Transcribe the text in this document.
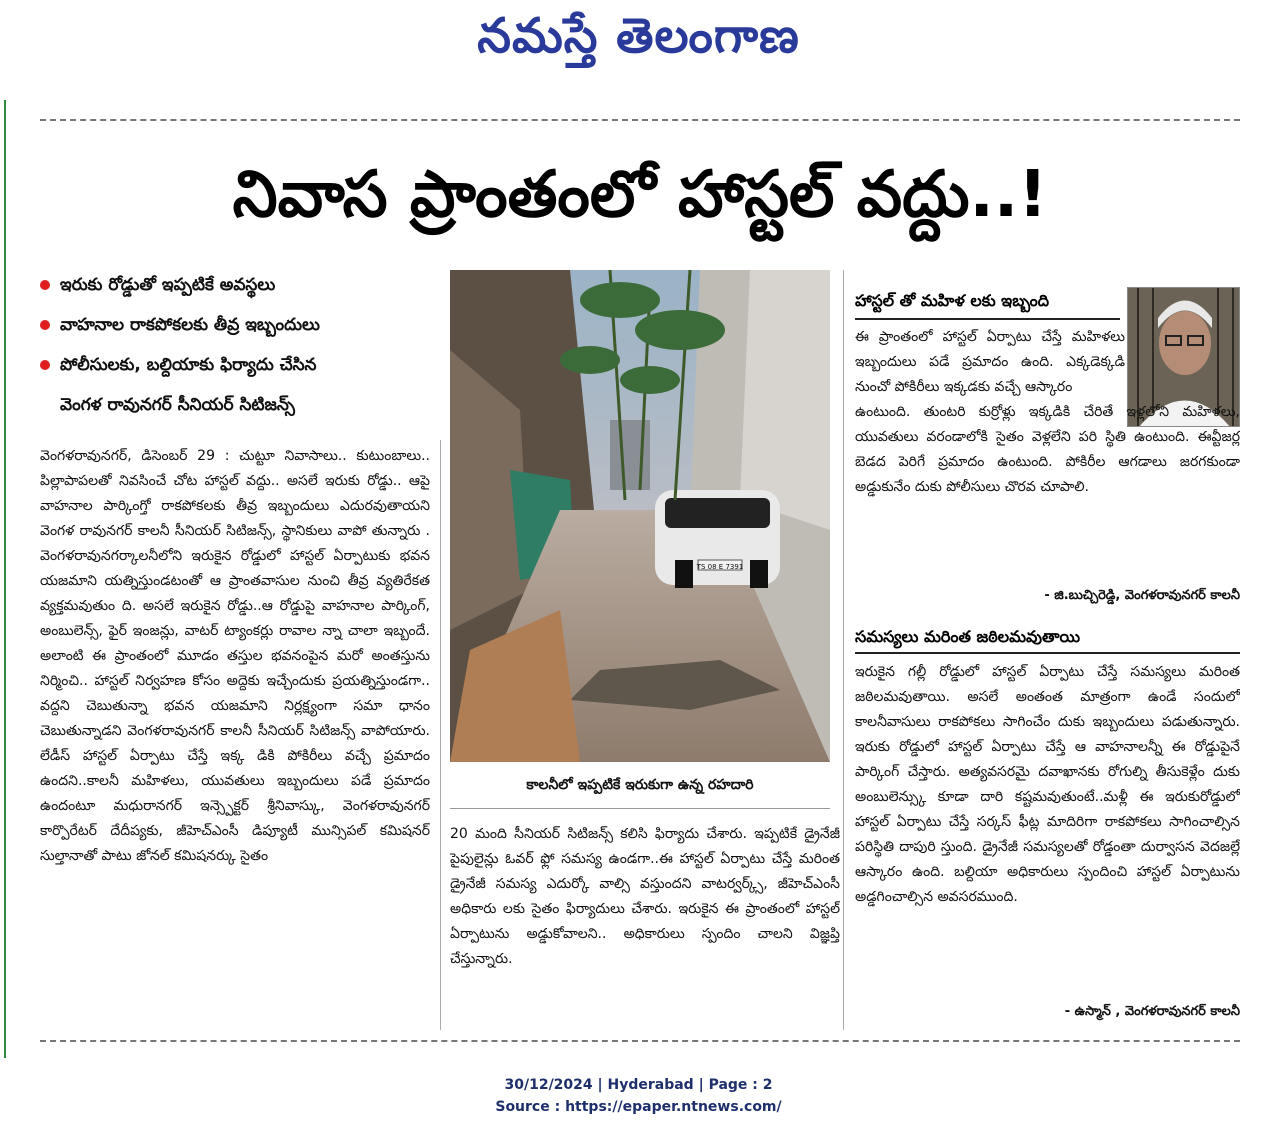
నమస్తే తెలంగాణ
నివాస ప్రాంతంలో హాస్టల్ వద్దు..!
ఇరుకు రోడ్డుతో ఇప్పటికే అవస్థలు
వాహనాల రాకపోకలకు తీవ్ర ఇబ్బందులు
పోలీసులకు, బల్దియాకు ఫిర్యాదు చేసిన
వెంగళ రావునగర్ సీనియర్ సిటిజన్స్
వెంగళరావునగర్, డిసెంబర్ 29 : చుట్టూ నివాసాలు.. కుటుంబాలు.. పిల్లాపాపలతో నివసించే చోట హాస్టల్ వద్దు.. అసలే ఇరుకు రోడ్డు.. ఆపై వాహనాల పార్కింగ్తో రాకపోకలకు తీవ్ర ఇబ్బందులు ఎదురవుతాయని వెంగళ రావునగర్ కాలనీ సీనియర్ సిటిజన్స్, స్థానికులు వాపో తున్నారు . వెంగళరావునగర్కాలనీలోని ఇరుకైన రోడ్డులో హాస్టల్ ఏర్పాటుకు భవన యజమాని యత్నిస్తుండటంతో ఆ ప్రాంతవాసుల నుంచి తీవ్ర వ్యతిరేకత వ్యక్తమవుతుం ది. అసలే ఇరుకైన రోడ్డు..ఆ రోడ్డుపై వాహనాల పార్కింగ్, అంబులెన్స్, ఫైర్ ఇంజన్లు, వాటర్ ట్యాంకర్లు రావాల న్నా చాలా ఇబ్బందే. అలాంటి ఈ ప్రాంతంలో మూడం తస్తుల భవనంపైన మరో అంతస్తును నిర్మించి.. హాస్టల్ నిర్వహణ కోసం అద్దెకు ఇచ్చేందుకు ప్రయత్నిస్తుండగా.. వద్దని చెబుతున్నా భవన యజమాని నిర్లక్ష్యంగా సమా ధానం చెబుతున్నాడని వెంగళరావునగర్ కాలనీ సీనియర్ సిటిజన్స్ వాపోయారు. లేడీస్ హాస్టల్ ఏర్పాటు చేస్తే ఇక్క డికి పోకిరీలు వచ్చే ప్రమాదం ఉందని..కాలనీ మహిళలు, యువతులు ఇబ్బందులు పడే ప్రమాదం ఉందంటూ మధురానగర్ ఇన్స్పెక్టర్ శ్రీనివాస్కు, వెంగళరావునగర్ కార్పొరేటర్ దేదీప్యకు, జీహెచ్ఎంసీ డిప్యూటీ మున్సిపల్ కమిషనర్ సుల్తానాతో పాటు జోనల్ కమిషనర్కు సైతం
TS 08 E 7391
కాలనీలో ఇప్పటికే ఇరుకుగా ఉన్న రహదారి
20 మంది సీనియర్ సిటిజన్స్ కలిసి ఫిర్యాదు చేశారు. ఇప్పటికే డ్రైనేజీ పైపులైన్లు ఓవర్ ఫ్లో సమస్య ఉండగా..ఈ హాస్టల్ ఏర్పాటు చేస్తే మరింత డ్రైనేజీ సమస్య ఎదుర్కో వాల్సి వస్తుందని వాటర్వర్క్స్, జీహెచ్ఎంసీ అధికారు లకు సైతం ఫిర్యాదులు చేశారు. ఇరుకైన ఈ ప్రాంతంలో హాస్టల్ ఏర్పాటును అడ్డుకోవాలని.. అధికారులు స్పందిం చాలని విజ్ఞప్తి చేస్తున్నారు.
హాస్టల్ తో మహిళ లకు ఇబ్బంది

ఈ ప్రాంతంలో హాస్టల్ ఏర్పాటు చేస్తే మహిళలు ఇబ్బందులు పడే ప్రమాదం ఉంది. ఎక్కడెక్కడి నుంచో పోకిరీలు ఇక్కడకు వచ్చే ఆస్కారం

ఉంటుంది. తుంటరి కుర్రోళ్లు ఇక్కడికి చేరితే ఇళ్లలోని మహిళలు, యువతులు వరండాలోకి సైతం వెళ్లలేని పరి స్థితి ఉంటుంది. ఈవ్టీజర్ల బెడద పెరిగే ప్రమాదం ఉంటుంది. పోకిరీల ఆగడాలు జరగకుండా అడ్డుకునేం దుకు పోలీసులు చొరవ చూపాలి.

- జి.బుచ్చిరెడ్డి, వెంగళరావునగర్ కాలనీ
సమస్యలు మరింత జఠిలమవుతాయి
ఇరుకైన గల్లీ రోడ్డులో హాస్టల్ ఏర్పాటు చేస్తే సమస్యలు మరింత జఠిలమవుతాయి. అసలే అంతంత మాత్రంగా ఉండే సందులో కాలనీవాసులు రాకపోకలు సాగించేం దుకు ఇబ్బందులు పడుతున్నారు. ఇరుకు రోడ్డులో హాస్టల్ ఏర్పాటు చేస్తే ఆ వాహనాలన్నీ ఈ రోడ్డుపైనే పార్కింగ్ చేస్తారు. అత్యవసరమై దవాఖానకు రోగుల్ని తీసుకెళ్లేం దుకు అంబులెన్స్కు కూడా దారి కష్టమవుతుంటే..మళ్లీ ఈ ఇరుకురోడ్డులో హాస్టల్ ఏర్పాటు చేస్తే సర్కస్ ఫీట్ల మాదిరిగా రాకపోకలు సాగించాల్సిన పరిస్థితి దాపురి స్తుంది. డ్రైనేజీ సమస్యలతో రోడ్డంతా దుర్వాసన వెదజల్లే ఆస్కారం ఉంది. బల్దియా అధికారులు స్పందించి హాస్టల్ ఏర్పాటును అడ్డగించాల్సిన అవసరముంది.
- ఉస్మాన్ , వెంగళరావునగర్ కాలనీ
30/12/2024 | Hyderabad | Page : 2
Source : https://epaper.ntnews.com/
